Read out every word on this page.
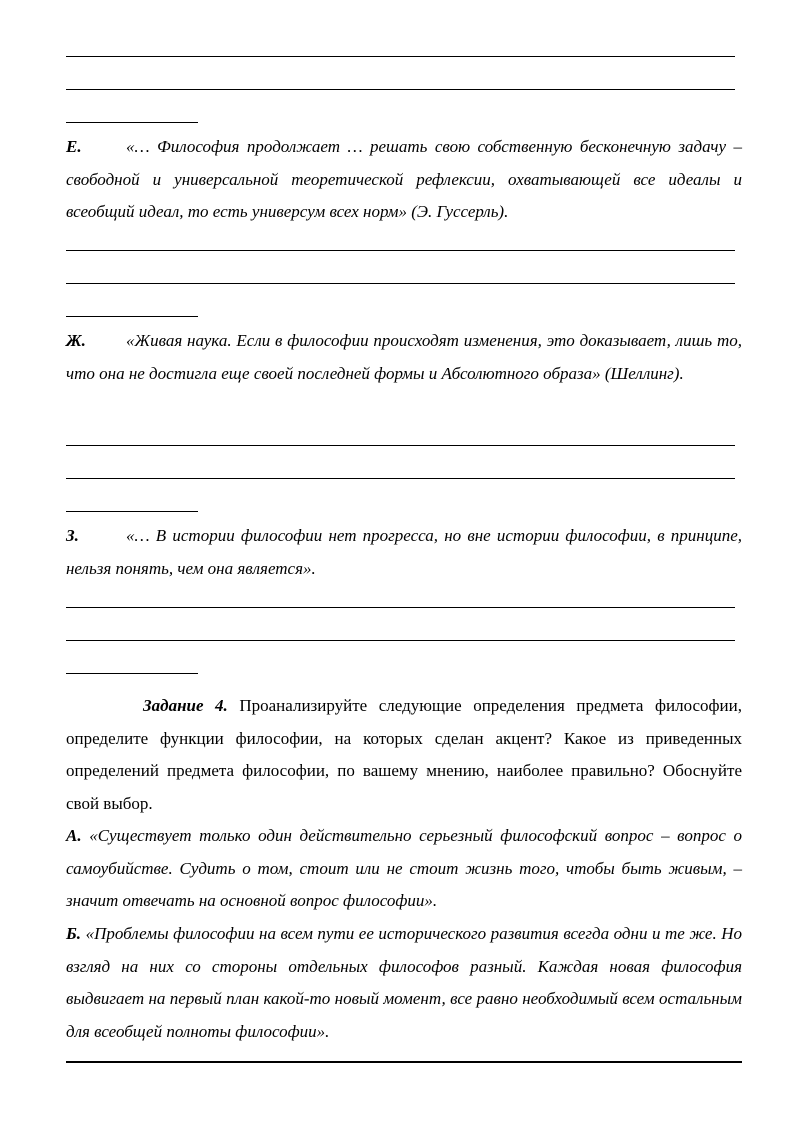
Е.	«… Философия продолжает … решать свою собственную бесконечную задачу – свободной и универсальной теоретической рефлексии, охватывающей все идеалы и всеобщий идеал, то есть универсум всех норм» (Э. Гуссерль).
Ж. «Живая наука. Если в философии происходят изменения, это доказывает, лишь то, что она не достигла еще своей последней формы и Абсолютного образа» (Шеллинг).
З.	«… В истории философии нет прогресса, но вне истории философии, в принципе, нельзя понять, чем она является».
Задание 4. Проанализируйте следующие определения предмета философии, определите функции философии, на которых сделан акцент? Какое из приведенных определений предмета философии, по вашему мнению, наиболее правильно? Обоснуйте свой выбор.
А. «Существует только один действительно серьезный философский вопрос – вопрос о самоубийстве. Судить о том, стоит или не стоит жизнь того, чтобы быть живым, – значит отвечать на основной вопрос философии».
Б. «Проблемы философии на всем пути ее исторического развития всегда одни и те же. Но взгляд на них со стороны отдельных философов разный. Каждая новая философия выдвигает на первый план какой-то новый момент, все равно необходимый всем остальным для всеобщей полноты философии».
